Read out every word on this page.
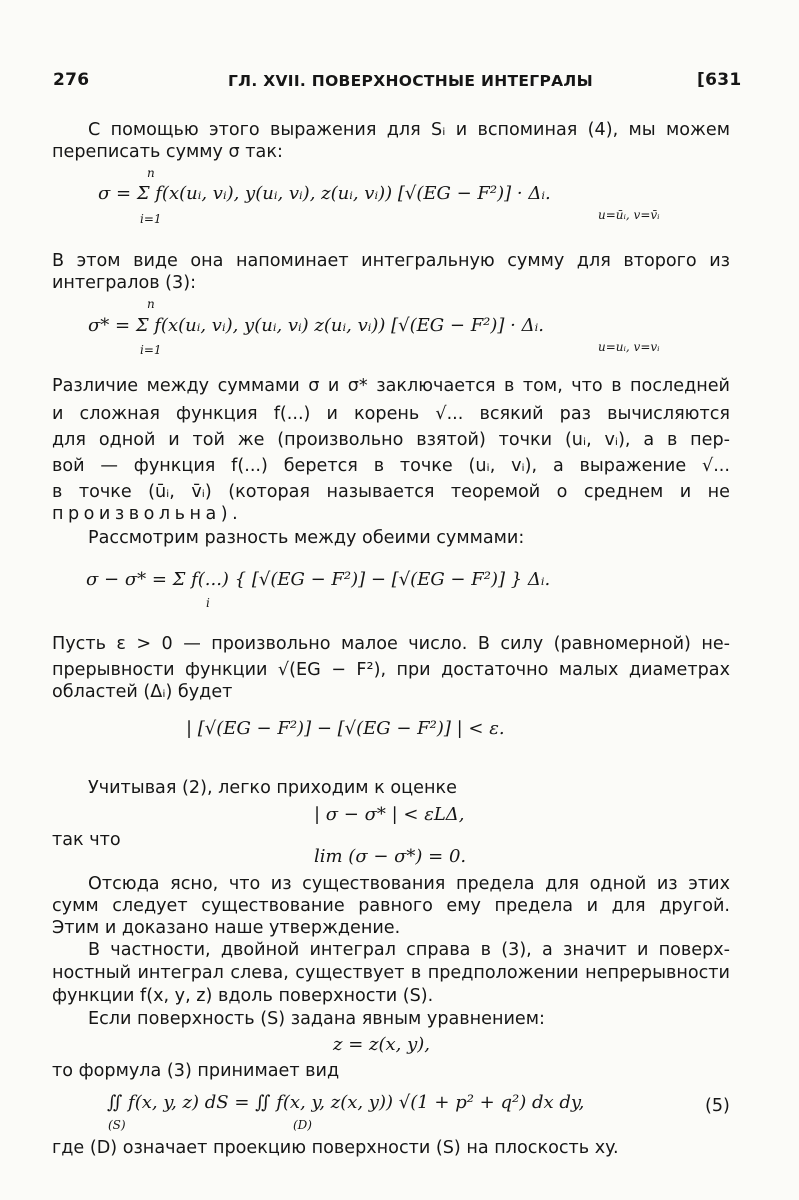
276	ГЛ. XVII. ПОВЕРХНОСТНЫЕ ИНТЕГРАЛЫ	[631
С помощью этого выражения для Sᵢ и вспоминая (4), мы можем
переписать сумму σ так:
n
σ = Σ f(x(uᵢ, vᵢ), y(uᵢ, vᵢ), z(uᵢ, vᵢ)) [√(EG − F²)] · Δᵢ.
i=1	u=ūᵢ, v=v̄ᵢ
В этом виде она напоминает интегральную сумму для второго из
интегралов (3):
n
σ* = Σ f(x(uᵢ, vᵢ), y(uᵢ, vᵢ) z(uᵢ, vᵢ)) [√(EG − F²)] · Δᵢ.
i=1	u=uᵢ, v=vᵢ
Различие между суммами σ и σ* заключается в том, что в последней
и сложная функция f(...) и корень √... всякий раз вычисляются
для одной и той же (произвольно взятой) точки (uᵢ, vᵢ), а в пер-
вой — функция f(...) берется в точке (uᵢ, vᵢ), а выражение √...
в точке (ūᵢ, v̄ᵢ) (которая называется теоремой о среднем и не
произвольна).
Рассмотрим разность между обеими суммами:
σ − σ* = Σ f(...) { [√(EG − F²)] − [√(EG − F²)] } Δᵢ.
i
Пусть ε > 0 — произвольно малое число. В силу (равномерной) не-
прерывности функции √(EG − F²), при достаточно малых диаметрах
областей (Δᵢ) будет
| [√(EG − F²)] − [√(EG − F²)] | < ε.
Учитывая (2), легко приходим к оценке
| σ − σ* | < εLΔ,
так что
lim (σ − σ*) = 0.
Отсюда ясно, что из существования предела для одной из этих
сумм следует существование равного ему предела и для другой.
Этим и доказано наше утверждение.
В частности, двойной интеграл справа в (3), а значит и поверх-
ностный интеграл слева, существует в предположении непрерывности
функции f(x, y, z) вдоль поверхности (S).
Если поверхность (S) задана явным уравнением:
z = z(x, y),
то формула (3) принимает вид
∬ f(x, y, z) dS = ∬ f(x, y, z(x, y)) √(1 + p² + q²) dx dy,
(S)	(D)
(5)
где (D) означает проекцию поверхности (S) на плоскость xy.
